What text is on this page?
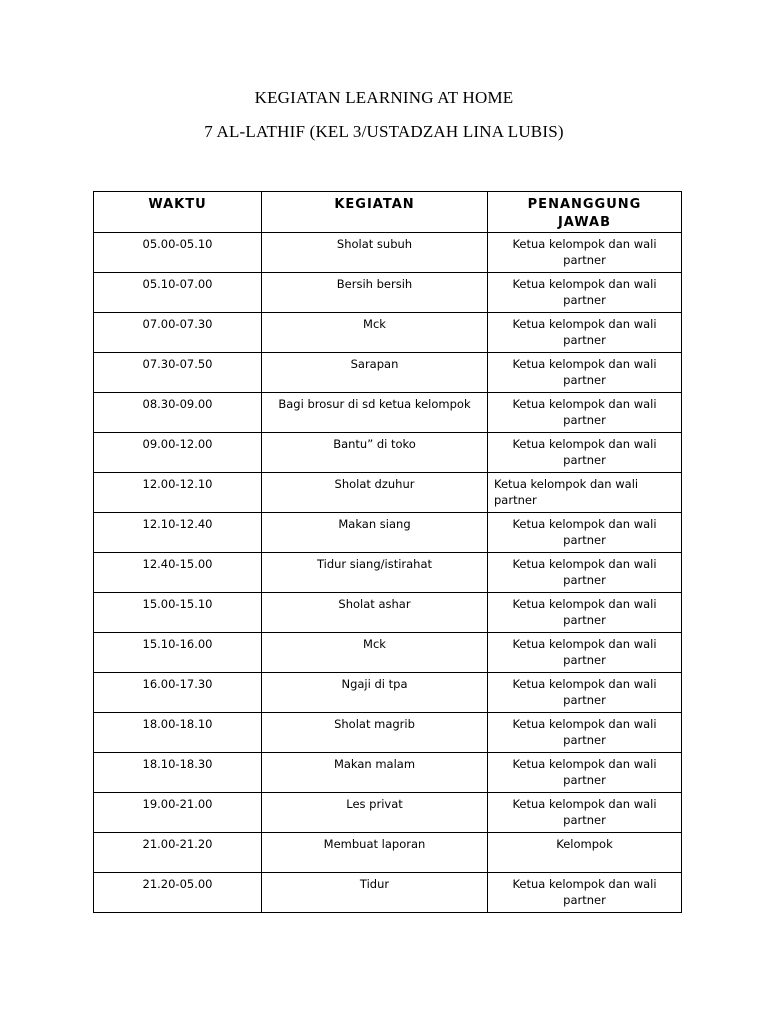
KEGIATAN LEARNING AT HOME
7 AL-LATHIF (KEL 3/USTADZAH LINA LUBIS)
WAKTU	KEGIATAN	PENANGGUNG JAWAB
05.00-05.10	Sholat subuh	Ketua kelompok dan wali partner
05.10-07.00	Bersih bersih	Ketua kelompok dan wali partner
07.00-07.30	Mck	Ketua kelompok dan wali partner
07.30-07.50	Sarapan	Ketua kelompok dan wali partner
08.30-09.00	Bagi brosur di sd ketua kelompok	Ketua kelompok dan wali partner
09.00-12.00	Bantu” di toko	Ketua kelompok dan wali partner
12.00-12.10	Sholat dzuhur	Ketua kelompok dan wali partner
12.10-12.40	Makan siang	Ketua kelompok dan wali partner
12.40-15.00	Tidur siang/istirahat	Ketua kelompok dan wali partner
15.00-15.10	Sholat ashar	Ketua kelompok dan wali partner
15.10-16.00	Mck	Ketua kelompok dan wali partner
16.00-17.30	Ngaji di tpa	Ketua kelompok dan wali partner
18.00-18.10	Sholat magrib	Ketua kelompok dan wali partner
18.10-18.30	Makan malam	Ketua kelompok dan wali partner
19.00-21.00	Les privat	Ketua kelompok dan wali partner
21.00-21.20	Membuat laporan	Kelompok
21.20-05.00	Tidur	Ketua kelompok dan wali partner
